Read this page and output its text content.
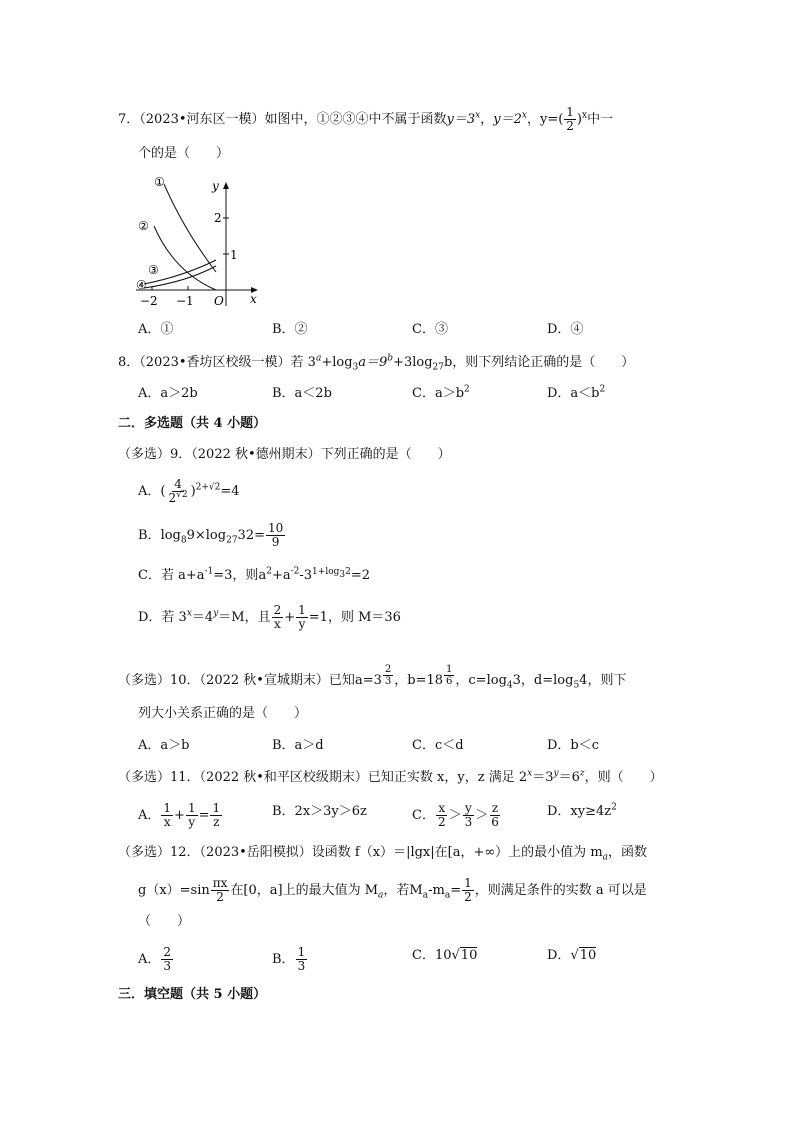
7．（2023•河东区一模）如图中，①②③④中不属于函数$y=3^x$，$y=2^x$，$y=( \frac{1}{2} )^x$中一
个的是（　　）
①
②
③
④
y
x
2
1
−2 −1 O
A．①	B．②	C．③	D．④
8．（2023•香坊区校级一模）若 $3^a+\log_3a=9^b+3\log_{27}b$，则下列结论正确的是（　　）
A．a＞2b	B．a＜2b	C．$a>b^2$	D．$a<b^2$
二．多选题（共 4 小题）
（多选）9．（2022 秋•德州期末）下列正确的是（　　）
A．( $\frac{4}{2^{√2}} )^{2+√2}=4$
B．$\log_89\times\log_{27}32= \frac{10}{9}$
C．若 $a+a^{-1}=3$，则$a^2+a^{-2}-3^{1+log_32}=2$
D．若 $3^x=4^y=M$，且 $\frac{2}{x} + \frac{1}{y} =1$，则 M＝36
（多选）10．（2022 秋•宣城期末）已知a=3 $^{\frac{2}{3}}$ ，b=18 $^{\frac{1}{6}}$ ，$c=\log_43$，$d=\log_54$，则下
列大小关系正确的是（　　）
A．a＞b	B．a＞d	C．c＜d	D．b＜c
（多选）11．（2022 秋•和平区校级期末）已知正实数 x，y，z 满足 $2^x=3^y=6^z$，则（　　）
A． $\frac{1}{x} + \frac{1}{y} = \frac{1}{z}$	B．2x＞3y＞6z	C． $\frac{x}{2} > \frac{y}{3} > \frac{z}{6}$	D．$xy\ge 4z^2$
（多选）12．（2023•岳阳模拟）设函数 f（x）＝|lgx|在[a，+∞）上的最小值为 $m_a$，函数
$g(x)=\sin \frac{\pi x}{2}$ 在[0，a]上的最大值为 $M_a$，若$M_a-m_a= \frac{1}{2}$ ，则满足条件的实数 a 可以是
（　　）
A． $\frac{2}{3}$	B． $\frac{1}{3}$	C．10√10	D．√10
三．填空题（共 5 小题）
